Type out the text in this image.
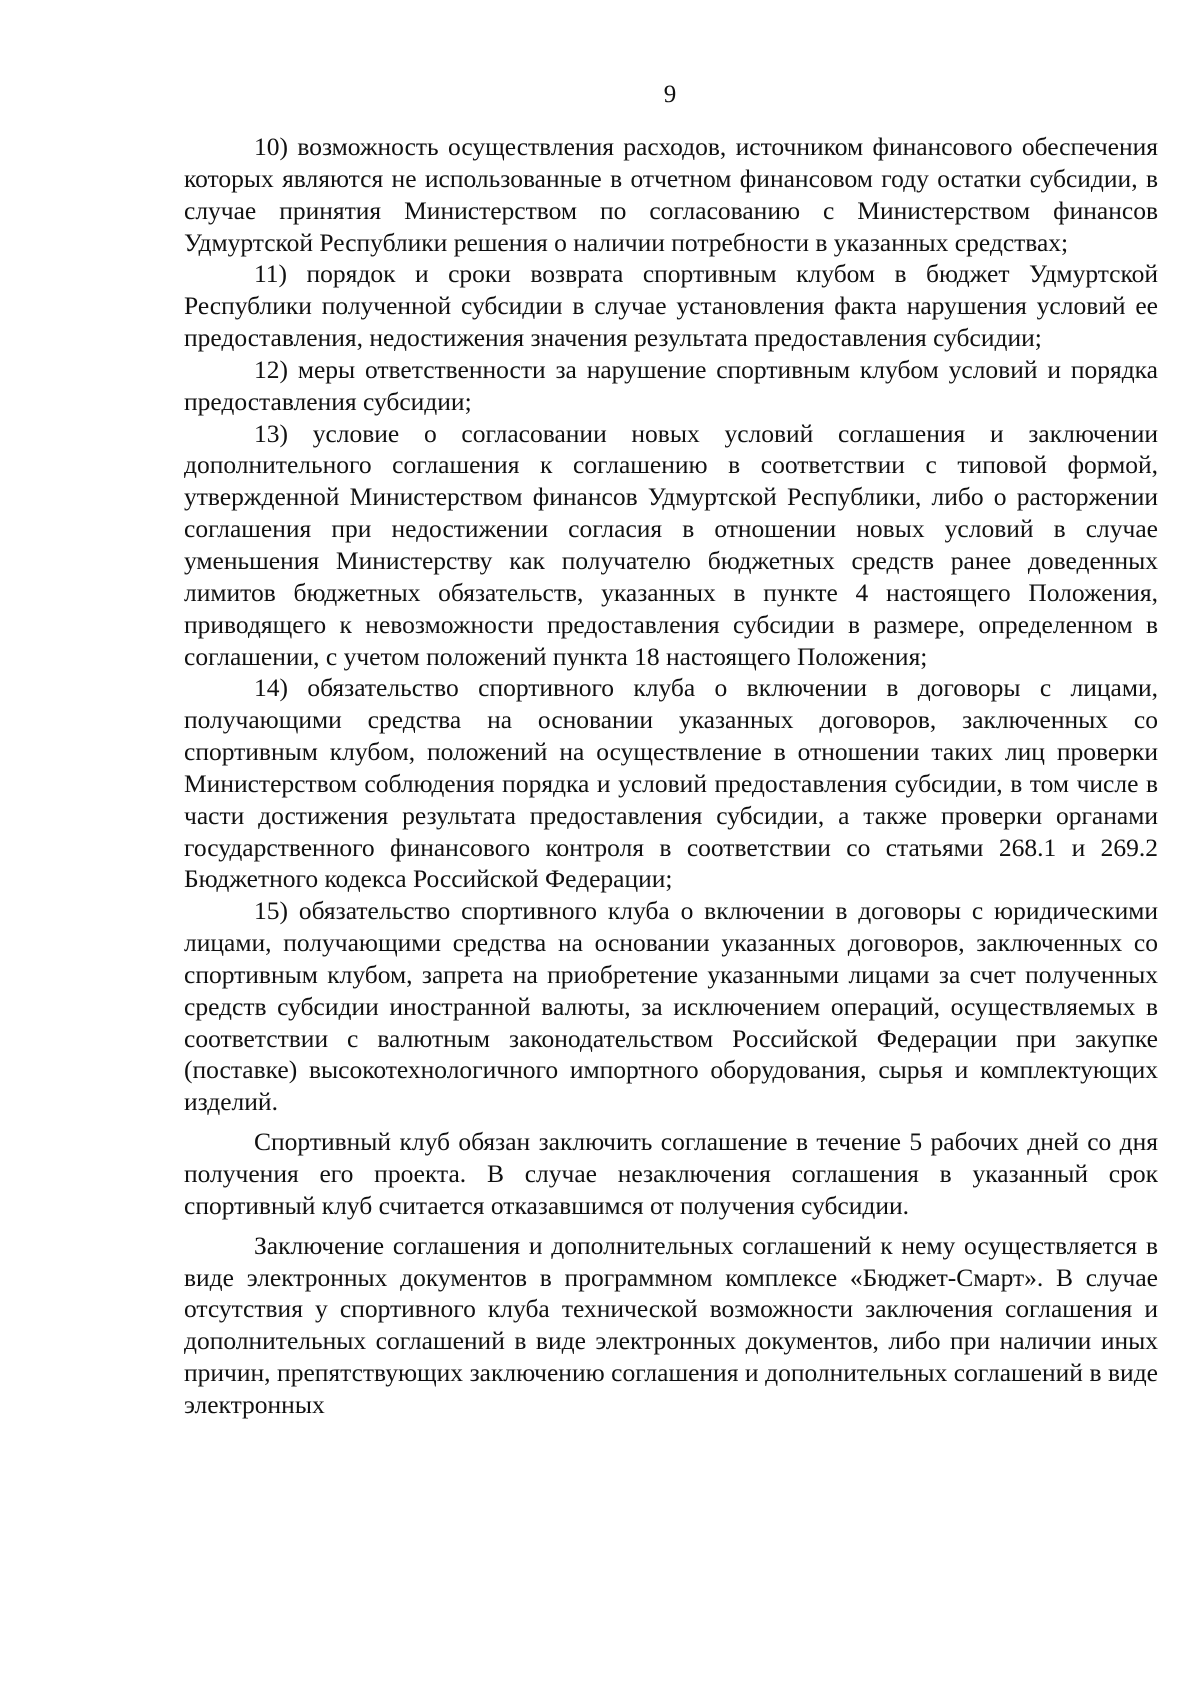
9

10) возможность осуществления расходов, источником финансового обеспечения которых являются не использованные в отчетном финансовом году остатки субсидии, в случае принятия Министерством по согласованию с Министерством финансов Удмуртской Республики решения о наличии потребности в указанных средствах;

11) порядок и сроки возврата спортивным клубом в бюджет Удмуртской Республики полученной субсидии в случае установления факта нарушения условий ее предоставления, недостижения значения результата предоставления субсидии;

12) меры ответственности за нарушение спортивным клубом условий и порядка предоставления субсидии;

13) условие о согласовании новых условий соглашения и заключении дополнительного соглашения к соглашению в соответствии с типовой формой, утвержденной Министерством финансов Удмуртской Республики, либо о расторжении соглашения при недостижении согласия в отношении новых условий в случае уменьшения Министерству как получателю бюджетных средств ранее доведенных лимитов бюджетных обязательств, указанных в пункте 4 настоящего Положения, приводящего к невозможности предоставления субсидии в размере, определенном в соглашении, с учетом положений пункта 18 настоящего Положения;

14) обязательство спортивного клуба о включении в договоры с лицами, получающими средства на основании указанных договоров, заключенных со спортивным клубом, положений на осуществление в отношении таких лиц проверки Министерством соблюдения порядка и условий предоставления субсидии, в том числе в части достижения результата предоставления субсидии, а также проверки органами государственного финансового контроля в соответствии со статьями 268.1 и 269.2 Бюджетного кодекса Российской Федерации;

15) обязательство спортивного клуба о включении в договоры с юридическими лицами, получающими средства на основании указанных договоров, заключенных со спортивным клубом, запрета на приобретение указанными лицами за счет полученных средств субсидии иностранной валюты, за исключением операций, осуществляемых в соответствии с валютным законодательством Российской Федерации при закупке (поставке) высокотехнологичного импортного оборудования, сырья и комплектующих изделий.

Спортивный клуб обязан заключить соглашение в течение 5 рабочих дней со дня получения его проекта. В случае незаключения соглашения в указанный срок спортивный клуб считается отказавшимся от получения субсидии.

Заключение соглашения и дополнительных соглашений к нему осуществляется в виде электронных документов в программном комплексе «Бюджет-Смарт». В случае отсутствия у спортивного клуба технической возможности заключения соглашения и дополнительных соглашений в виде электронных документов, либо при наличии иных причин, препятствующих заключению соглашения и дополнительных соглашений в виде электронных
